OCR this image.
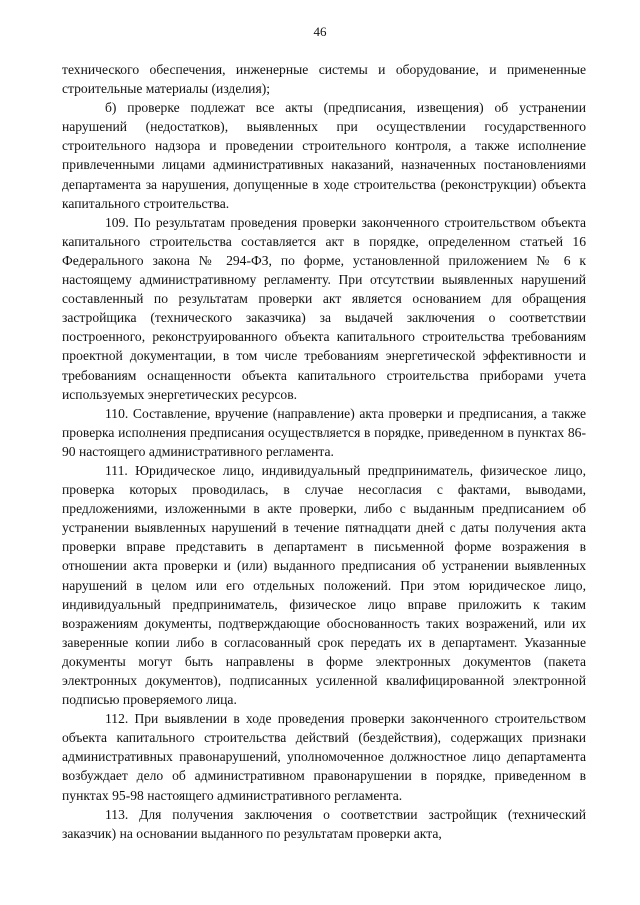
46

технического обеспечения, инженерные системы и оборудование, и примененные строительные материалы (изделия);

б) проверке подлежат все акты (предписания, извещения) об устранении нарушений (недостатков), выявленных при осуществлении государственного строительного надзора и проведении строительного контроля, а также исполнение привлеченными лицами административных наказаний, назначенных постановлениями департамента за нарушения, допущенные в ходе строительства (реконструкции) объекта капитального строительства.

109. По результатам проведения проверки законченного строительством объекта капитального строительства составляется акт в порядке, определенном статьей 16 Федерального закона № 294-ФЗ, по форме, установленной приложением № 6 к настоящему административному регламенту. При отсутствии выявленных нарушений составленный по результатам проверки акт является основанием для обращения застройщика (технического заказчика) за выдачей заключения о соответствии построенного, реконструированного объекта капитального строительства требованиям проектной документации, в том числе требованиям энергетической эффективности и требованиям оснащенности объекта капитального строительства приборами учета используемых энергетических ресурсов.

110. Составление, вручение (направление) акта проверки и предписания, а также проверка исполнения предписания осуществляется в порядке, приведенном в пунктах 86-90 настоящего административного регламента.

111. Юридическое лицо, индивидуальный предприниматель, физическое лицо, проверка которых проводилась, в случае несогласия с фактами, выводами, предложениями, изложенными в акте проверки, либо с выданным предписанием об устранении выявленных нарушений в течение пятнадцати дней с даты получения акта проверки вправе представить в департамент в письменной форме возражения в отношении акта проверки и (или) выданного предписания об устранении выявленных нарушений в целом или его отдельных положений. При этом юридическое лицо, индивидуальный предприниматель, физическое лицо вправе приложить к таким возражениям документы, подтверждающие обоснованность таких возражений, или их заверенные копии либо в согласованный срок передать их в департамент. Указанные документы могут быть направлены в форме электронных документов (пакета электронных документов), подписанных усиленной квалифицированной электронной подписью проверяемого лица.

112. При выявлении в ходе проведения проверки законченного строительством объекта капитального строительства действий (бездействия), содержащих признаки административных правонарушений, уполномоченное должностное лицо департамента возбуждает дело об административном правонарушении в порядке, приведенном в пунктах 95-98 настоящего административного регламента.

113. Для получения заключения о соответствии застройщик (технический заказчик) на основании выданного по результатам проверки акта,
